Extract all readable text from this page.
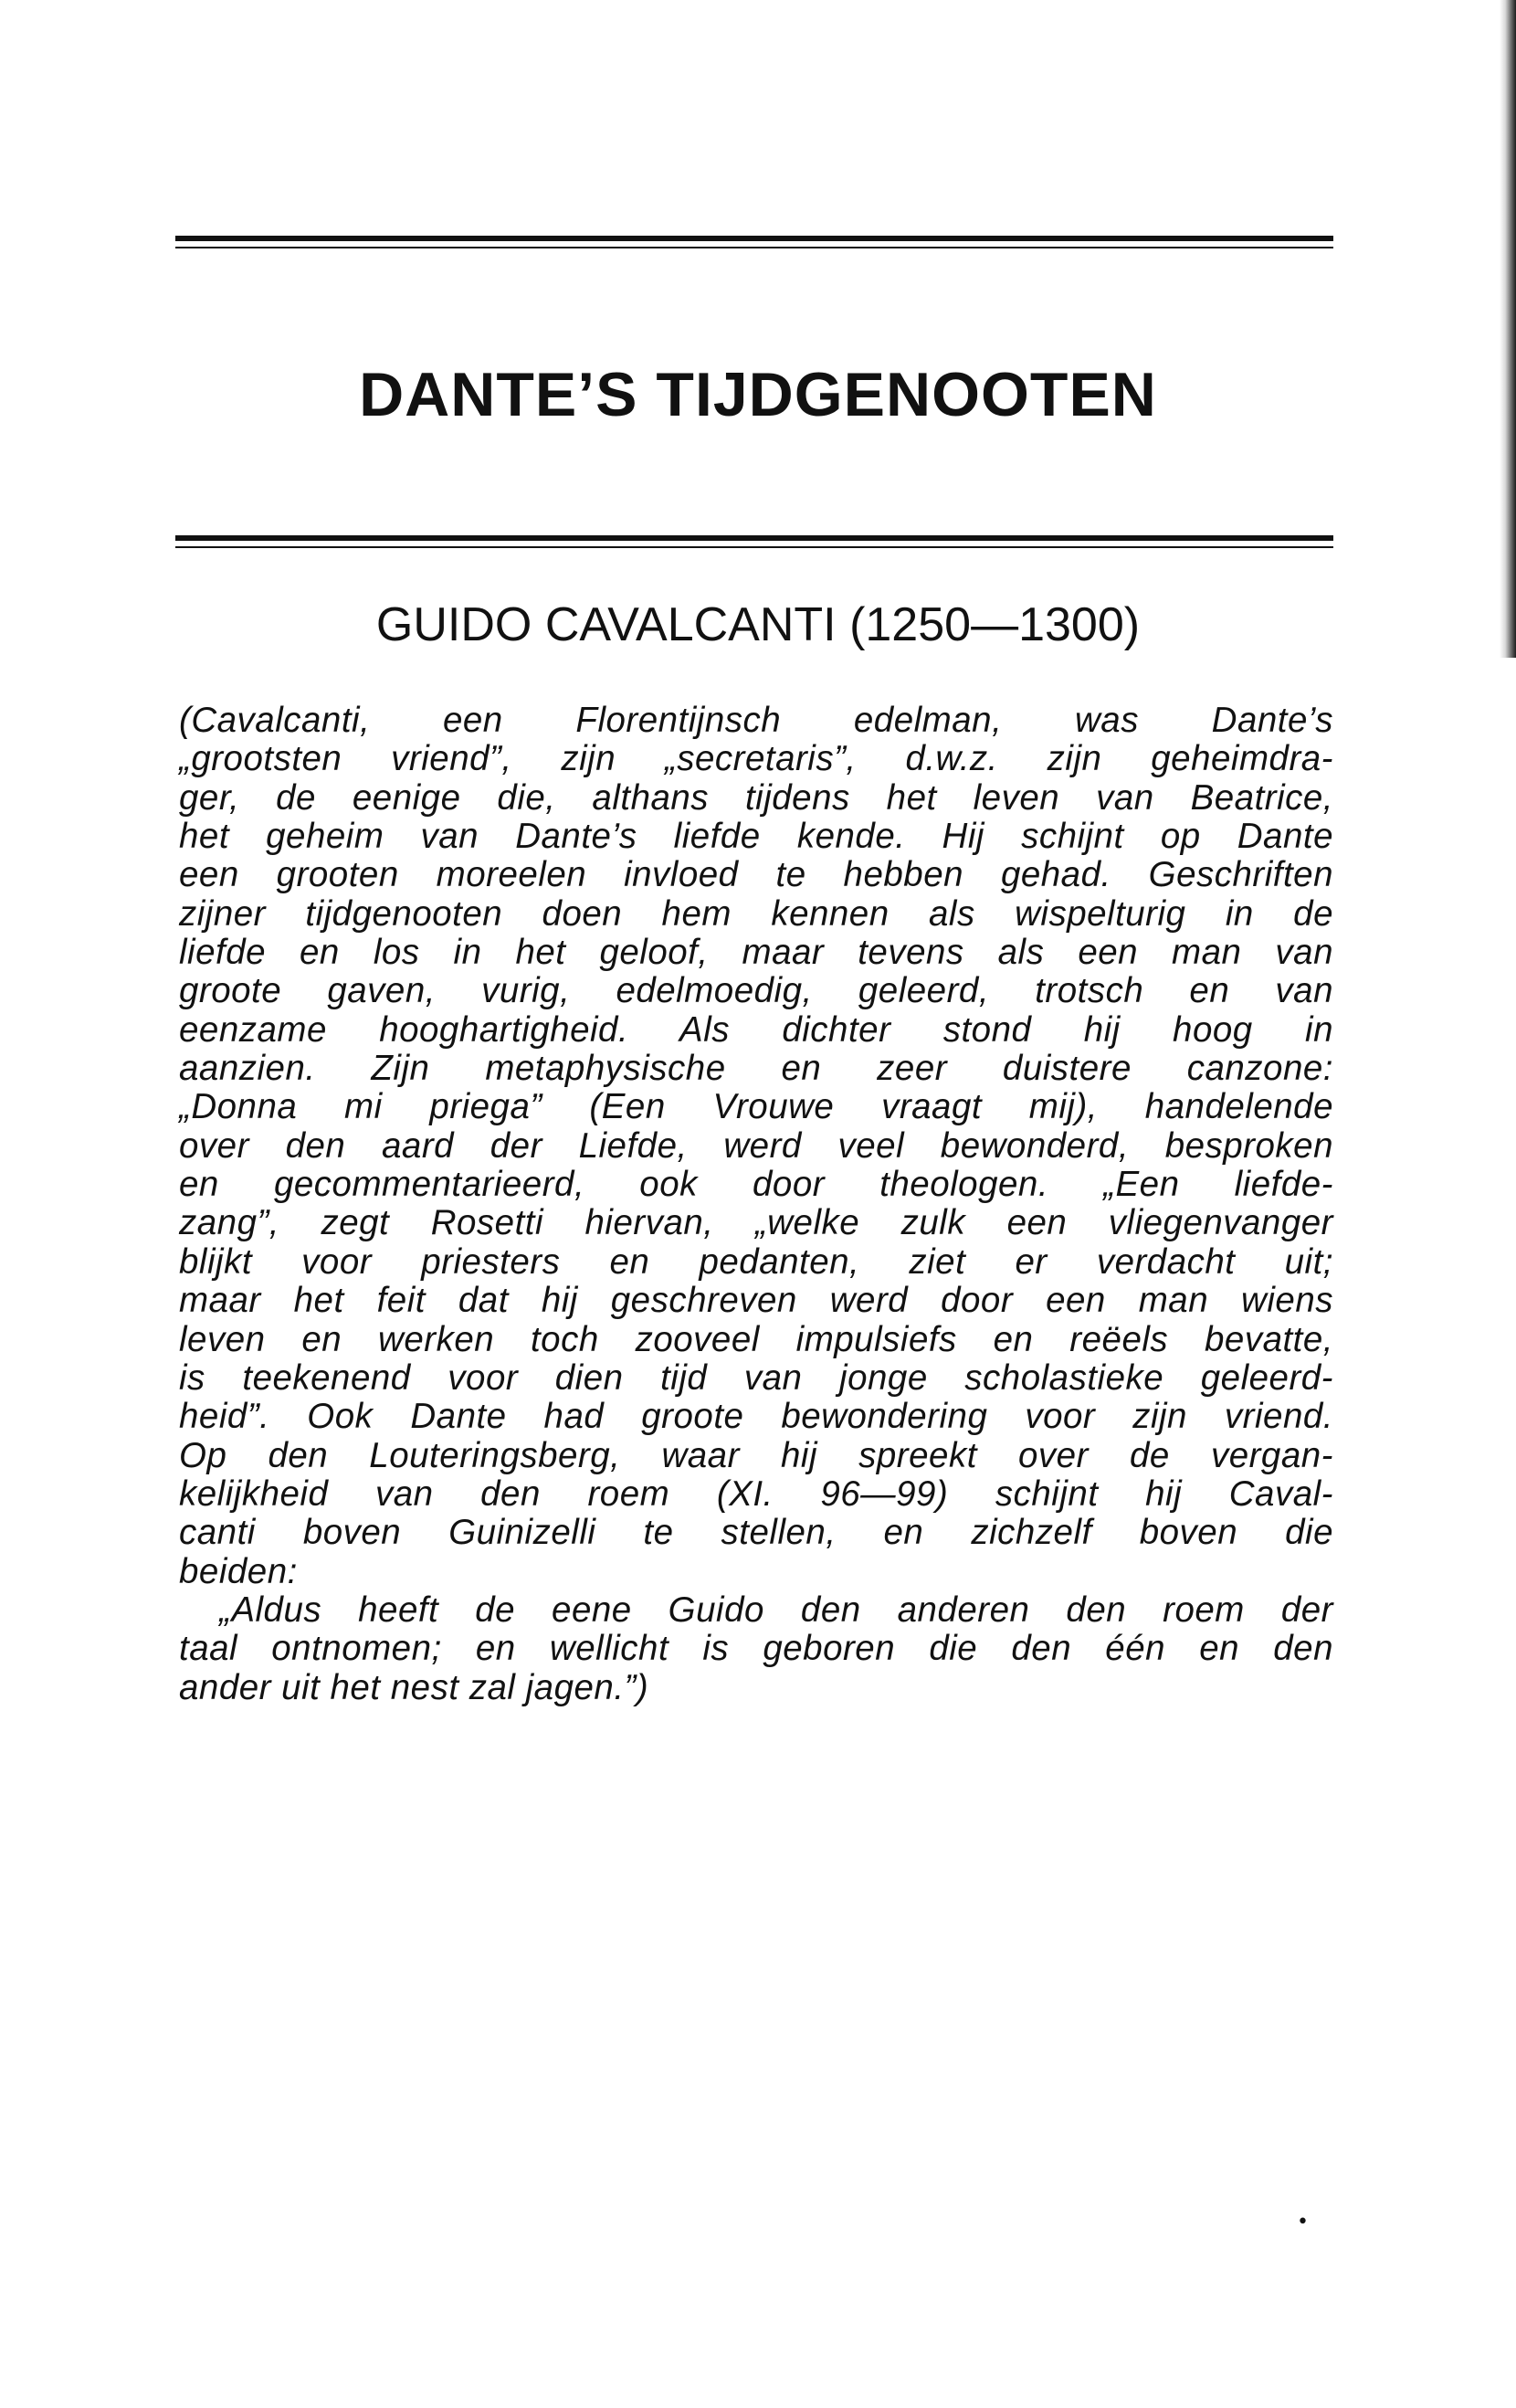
DANTE’S TIJDGENOOTEN
GUIDO CAVALCANTI (1250—1300)
(Cavalcanti, een Florentijnsch edelman, was Dante’s
„grootsten vriend”, zijn „secretaris”, d.w.z. zijn geheimdra-
ger, de eenige die, althans tijdens het leven van Beatrice,
het geheim van Dante’s liefde kende. Hij schijnt op Dante
een grooten moreelen invloed te hebben gehad. Geschriften
zijner tijdgenooten doen hem kennen als wispelturig in de
liefde en los in het geloof, maar tevens als een man van
groote gaven, vurig, edelmoedig, geleerd, trotsch en van
eenzame hooghartigheid. Als dichter stond hij hoog in
aanzien. Zijn metaphysische en zeer duistere canzone:
„Donna mi priega” (Een Vrouwe vraagt mij), handelende
over den aard der Liefde, werd veel bewonderd, besproken
en gecommentarieerd, ook door theologen. „Een liefde-
zang”, zegt Rosetti hiervan, „welke zulk een vliegenvanger
blijkt voor priesters en pedanten, ziet er verdacht uit;
maar het feit dat hij geschreven werd door een man wiens
leven en werken toch zooveel impulsiefs en reëels bevatte,
is teekenend voor dien tijd van jonge scholastieke geleerd-
heid”. Ook Dante had groote bewondering voor zijn vriend.
Op den Louteringsberg, waar hij spreekt over de vergan-
kelijkheid van den roem (XI. 96—99) schijnt hij Caval-
canti boven Guinizelli te stellen, en zichzelf boven die
beiden:
„Aldus heeft de eene Guido den anderen den roem der
taal ontnomen; en wellicht is geboren die den één en den
ander uit het nest zal jagen.”)
•
